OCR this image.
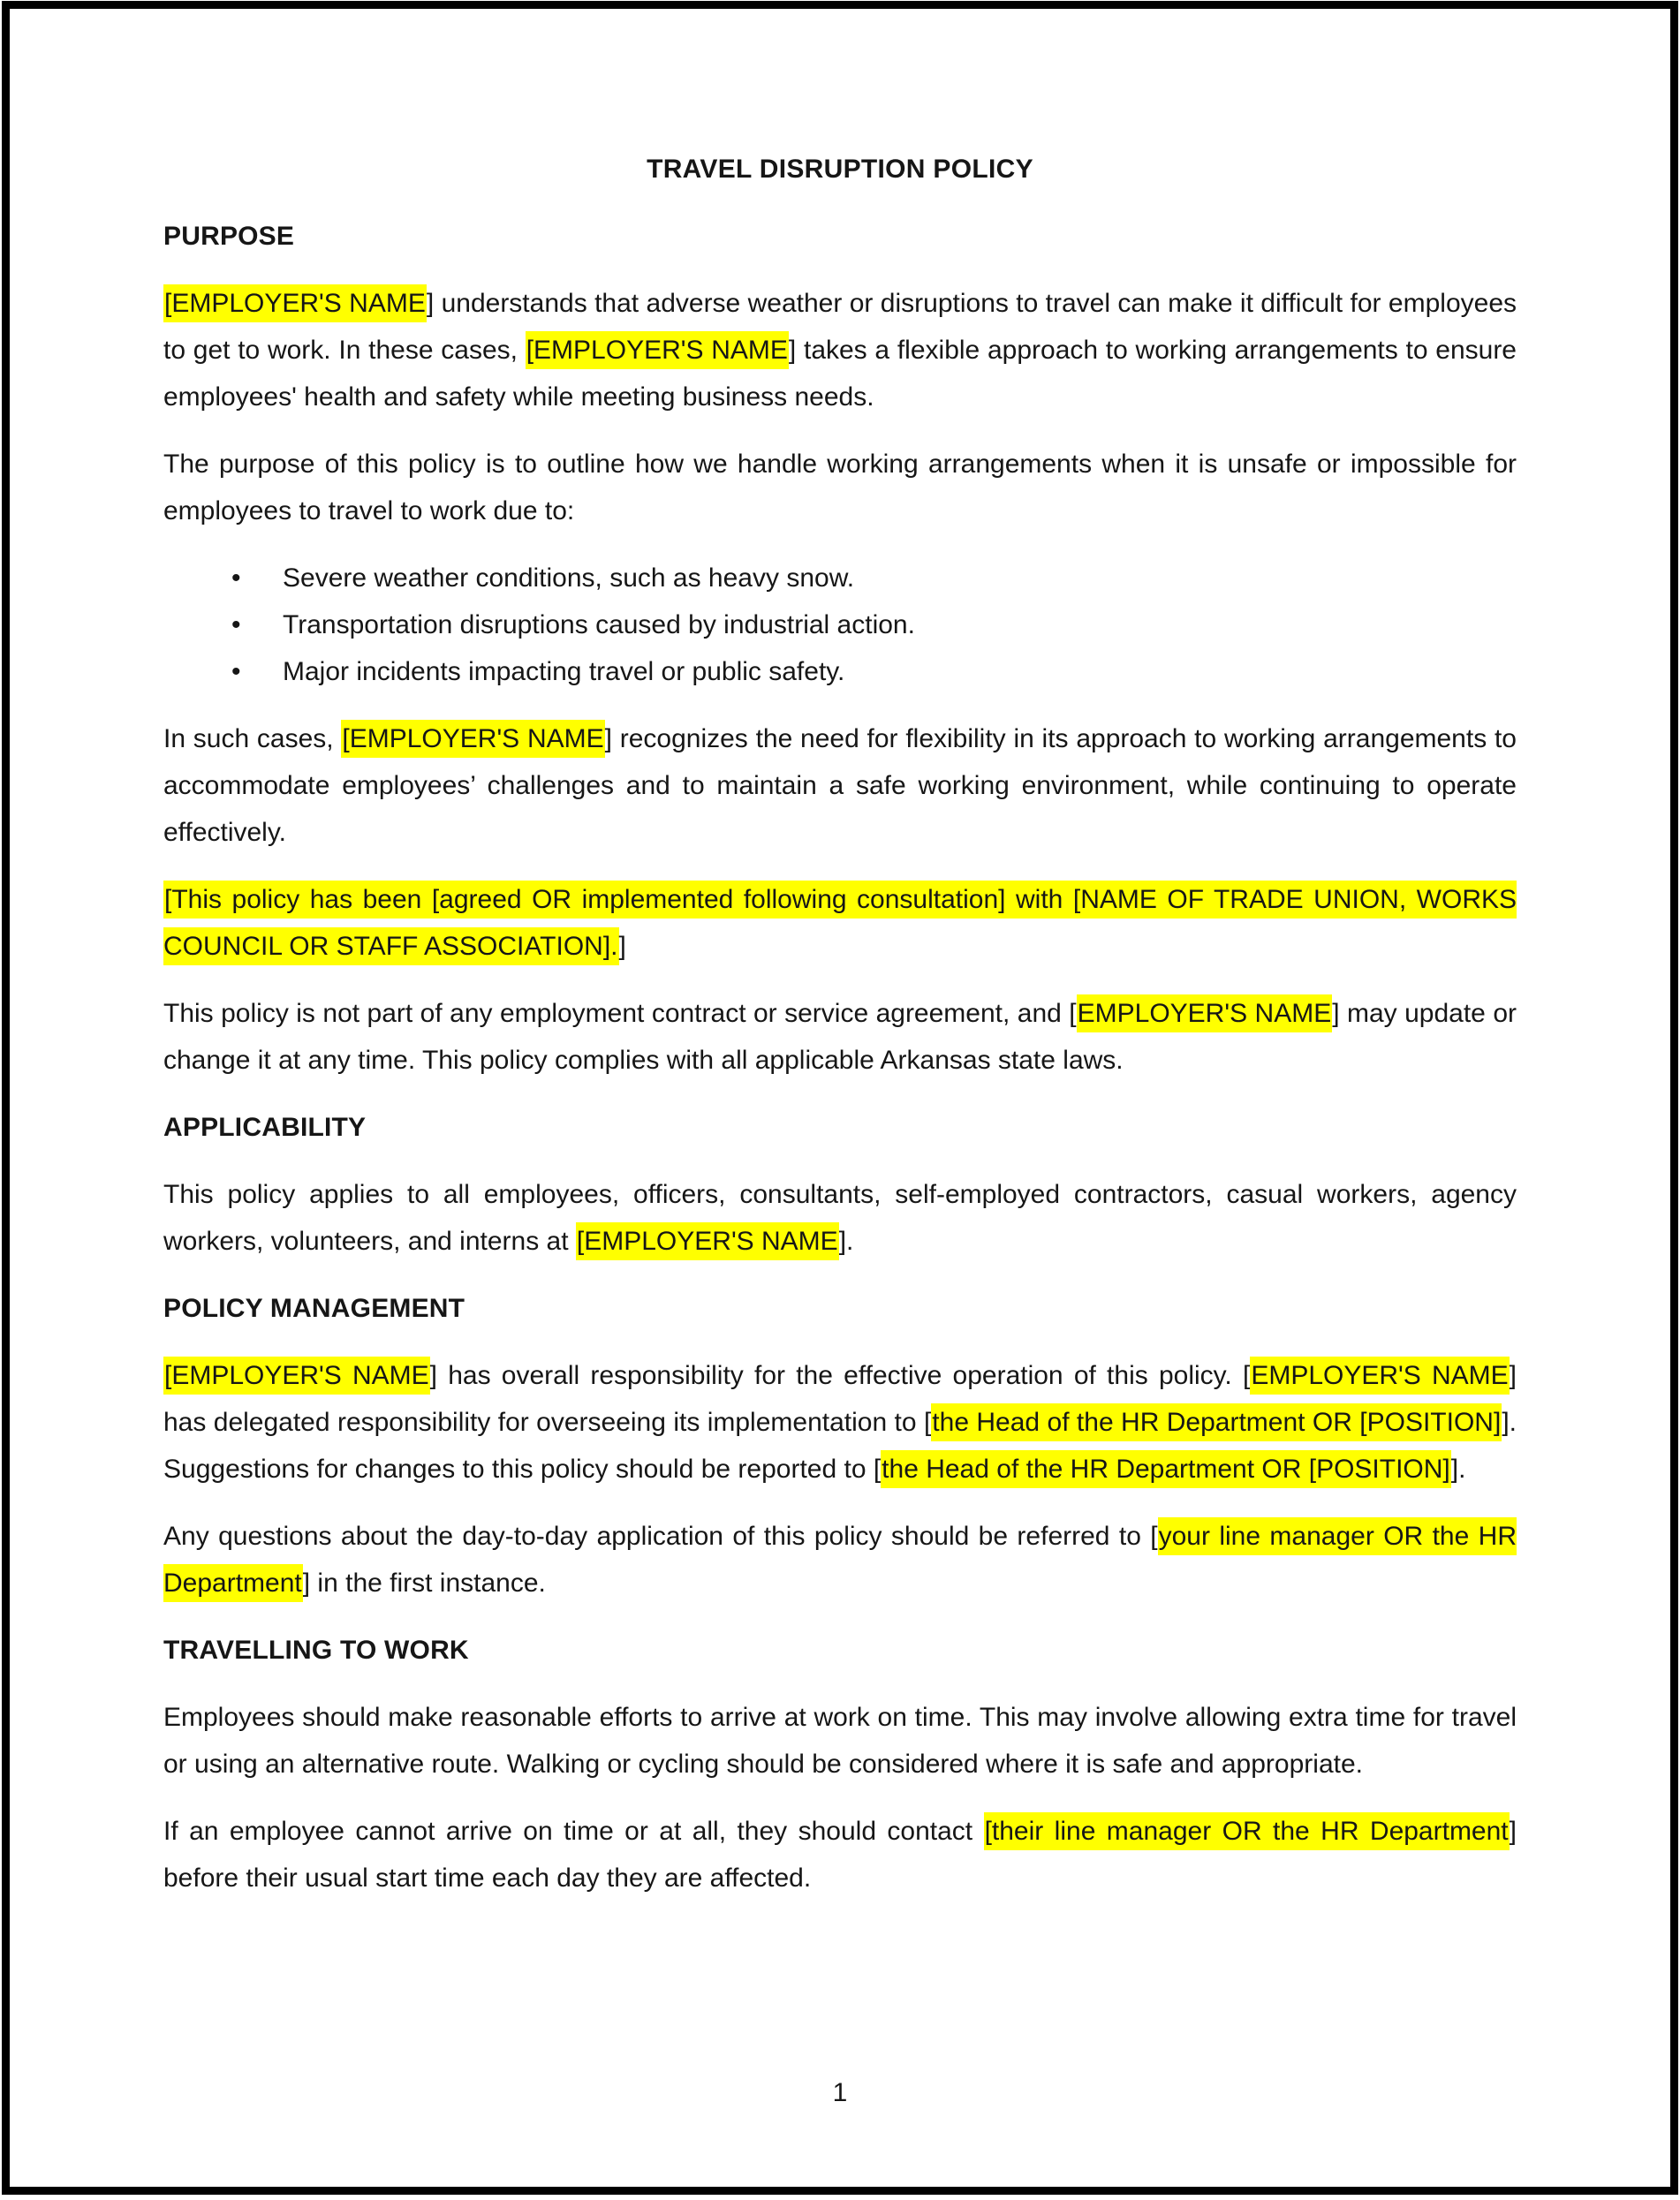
TRAVEL DISRUPTION POLICY
PURPOSE

[EMPLOYER'S NAME] understands that adverse weather or disruptions to travel can make it difficult for employees to get to work. In these cases, [EMPLOYER'S NAME] takes a flexible approach to working arrangements to ensure employees' health and safety while meeting business needs.

The purpose of this policy is to outline how we handle working arrangements when it is unsafe or impossible for employees to travel to work due to:

• Severe weather conditions, such as heavy snow.
• Transportation disruptions caused by industrial action.
• Major incidents impacting travel or public safety.

In such cases, [EMPLOYER'S NAME] recognizes the need for flexibility in its approach to working arrangements to accommodate employees’ challenges and to maintain a safe working environment, while continuing to operate effectively.

[This policy has been [agreed OR implemented following consultation] with [NAME OF TRADE UNION, WORKS COUNCIL OR STAFF ASSOCIATION].]

This policy is not part of any employment contract or service agreement, and [EMPLOYER'S NAME] may update or change it at any time. This policy complies with all applicable Arkansas state laws.

APPLICABILITY

This policy applies to all employees, officers, consultants, self-employed contractors, casual workers, agency workers, volunteers, and interns at [EMPLOYER'S NAME].

POLICY MANAGEMENT

[EMPLOYER'S NAME] has overall responsibility for the effective operation of this policy. [EMPLOYER'S NAME] has delegated responsibility for overseeing its implementation to [the Head of the HR Department OR [POSITION]]. Suggestions for changes to this policy should be reported to [the Head of the HR Department OR [POSITION]].

Any questions about the day-to-day application of this policy should be referred to [your line manager OR the HR Department] in the first instance.

TRAVELLING TO WORK

Employees should make reasonable efforts to arrive at work on time. This may involve allowing extra time for travel or using an alternative route. Walking or cycling should be considered where it is safe and appropriate.

If an employee cannot arrive on time or at all, they should contact [their line manager OR the HR Department] before their usual start time each day they are affected.

1
